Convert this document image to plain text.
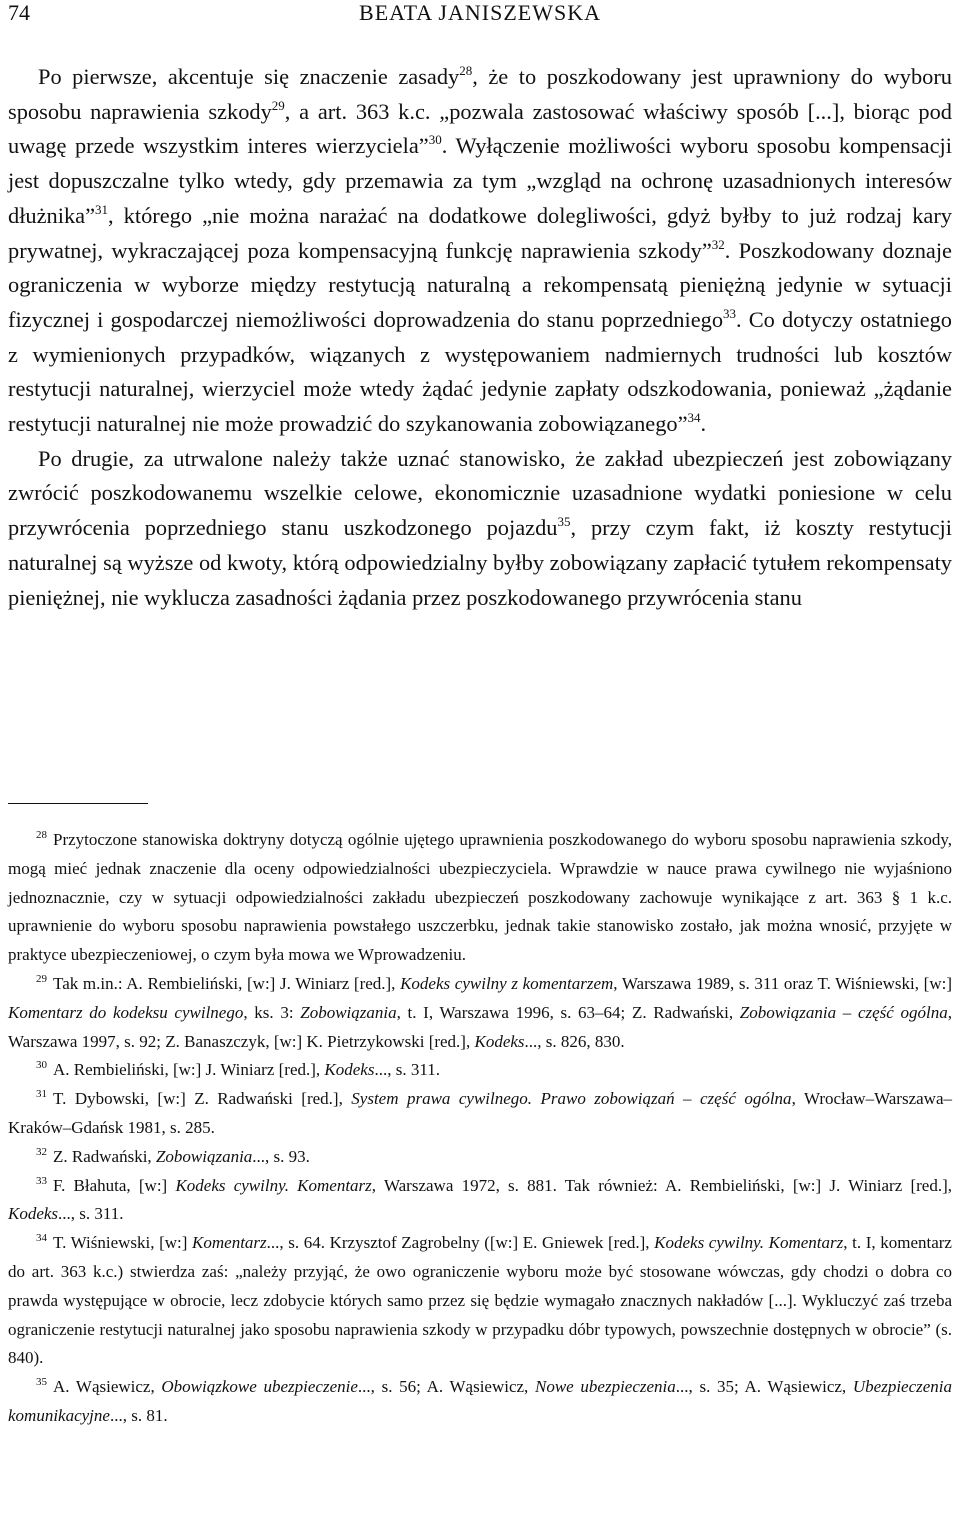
74	BEATA JANISZEWSKA

Po pierwsze, akcentuje się znaczenie zasady$^{28}$, że to poszkodowany jest uprawniony do wyboru sposobu naprawienia szkody$^{29}$, a art. 363 k.c. „pozwala zastosować właściwy sposób [...], biorąc pod uwagę przede wszystkim interes wierzyciela”$^{30}$. Wyłączenie możliwości wyboru sposobu kompensacji jest dopuszczalne tylko wtedy, gdy przemawia za tym „wzgląd na ochronę uzasadnionych interesów dłużnika”$^{31}$, którego „nie można narażać na dodatkowe dolegliwości, gdyż byłby to już rodzaj kary prywatnej, wykraczającej poza kompensacyjną funkcję naprawienia szkody”$^{32}$. Poszkodowany doznaje ograniczenia w wyborze między restytucją naturalną a rekompensatą pieniężną jedynie w sytuacji fizycznej i gospodarczej niemożliwości doprowadzenia do stanu poprzedniego$^{33}$. Co dotyczy ostatniego z wymienionych przypadków, wiązanych z występowaniem nadmiernych trudności lub kosztów restytucji naturalnej, wierzyciel może wtedy żądać jedynie zapłaty odszkodowania, ponieważ „żądanie restytucji naturalnej nie może prowadzić do szykanowania zobowiązanego”$^{34}$.

Po drugie, za utrwalone należy także uznać stanowisko, że zakład ubezpieczeń jest zobowiązany zwrócić poszkodowanemu wszelkie celowe, ekonomicznie uzasadnione wydatki poniesione w celu przywrócenia poprzedniego stanu uszkodzonego pojazdu$^{35}$, przy czym fakt, iż koszty restytucji naturalnej są wyższe od kwoty, którą odpowiedzialny byłby zobowiązany zapłacić tytułem rekompensaty pieniężnej, nie wyklucza zasadności żądania przez poszkodowanego przywrócenia stanu

$^{28}$ Przytoczone stanowiska doktryny dotyczą ogólnie ujętego uprawnienia poszkodowanego do wyboru sposobu naprawienia szkody, mogą mieć jednak znaczenie dla oceny odpowiedzialności ubezpieczyciela. Wprawdzie w nauce prawa cywilnego nie wyjaśniono jednoznacznie, czy w sytuacji odpowiedzialności zakładu ubezpieczeń poszkodowany zachowuje wynikające z art. 363 § 1 k.c. uprawnienie do wyboru sposobu naprawienia powstałego uszczerbku, jednak takie stanowisko zostało, jak można wnosić, przyjęte w praktyce ubezpieczeniowej, o czym była mowa we Wprowadzeniu.

$^{29}$ Tak m.in.: A. Rembieliński, [w:] J. Winiarz [red.], Kodeks cywilny z komentarzem, Warszawa 1989, s. 311 oraz T. Wiśniewski, [w:] Komentarz do kodeksu cywilnego, ks. 3: Zobowiązania, t. I, Warszawa 1996, s. 63–64; Z. Radwański, Zobowiązania – część ogólna, Warszawa 1997, s. 92; Z. Banaszczyk, [w:] K. Pietrzykowski [red.], Kodeks..., s. 826, 830.

$^{30}$ A. Rembieliński, [w:] J. Winiarz [red.], Kodeks..., s. 311.

$^{31}$ T. Dybowski, [w:] Z. Radwański [red.], System prawa cywilnego. Prawo zobowiązań – część ogólna, Wrocław–Warszawa–Kraków–Gdańsk 1981, s. 285.

$^{32}$ Z. Radwański, Zobowiązania..., s. 93.

$^{33}$ F. Błahuta, [w:] Kodeks cywilny. Komentarz, Warszawa 1972, s. 881. Tak również: A. Rembieliński, [w:] J. Winiarz [red.], Kodeks..., s. 311.

$^{34}$ T. Wiśniewski, [w:] Komentarz..., s. 64. Krzysztof Zagrobelny ([w:] E. Gniewek [red.], Kodeks cywilny. Komentarz, t. I, komentarz do art. 363 k.c.) stwierdza zaś: „należy przyjąć, że owo ograniczenie wyboru może być stosowane wówczas, gdy chodzi o dobra co prawda występujące w obrocie, lecz zdobycie których samo przez się będzie wymagało znacznych nakładów [...]. Wykluczyć zaś trzeba ograniczenie restytucji naturalnej jako sposobu naprawienia szkody w przypadku dóbr typowych, powszechnie dostępnych w obrocie” (s. 840).

$^{35}$ A. Wąsiewicz, Obowiązkowe ubezpieczenie..., s. 56; A. Wąsiewicz, Nowe ubezpieczenia..., s. 35; A. Wąsiewicz, Ubezpieczenia komunikacyjne..., s. 81.
